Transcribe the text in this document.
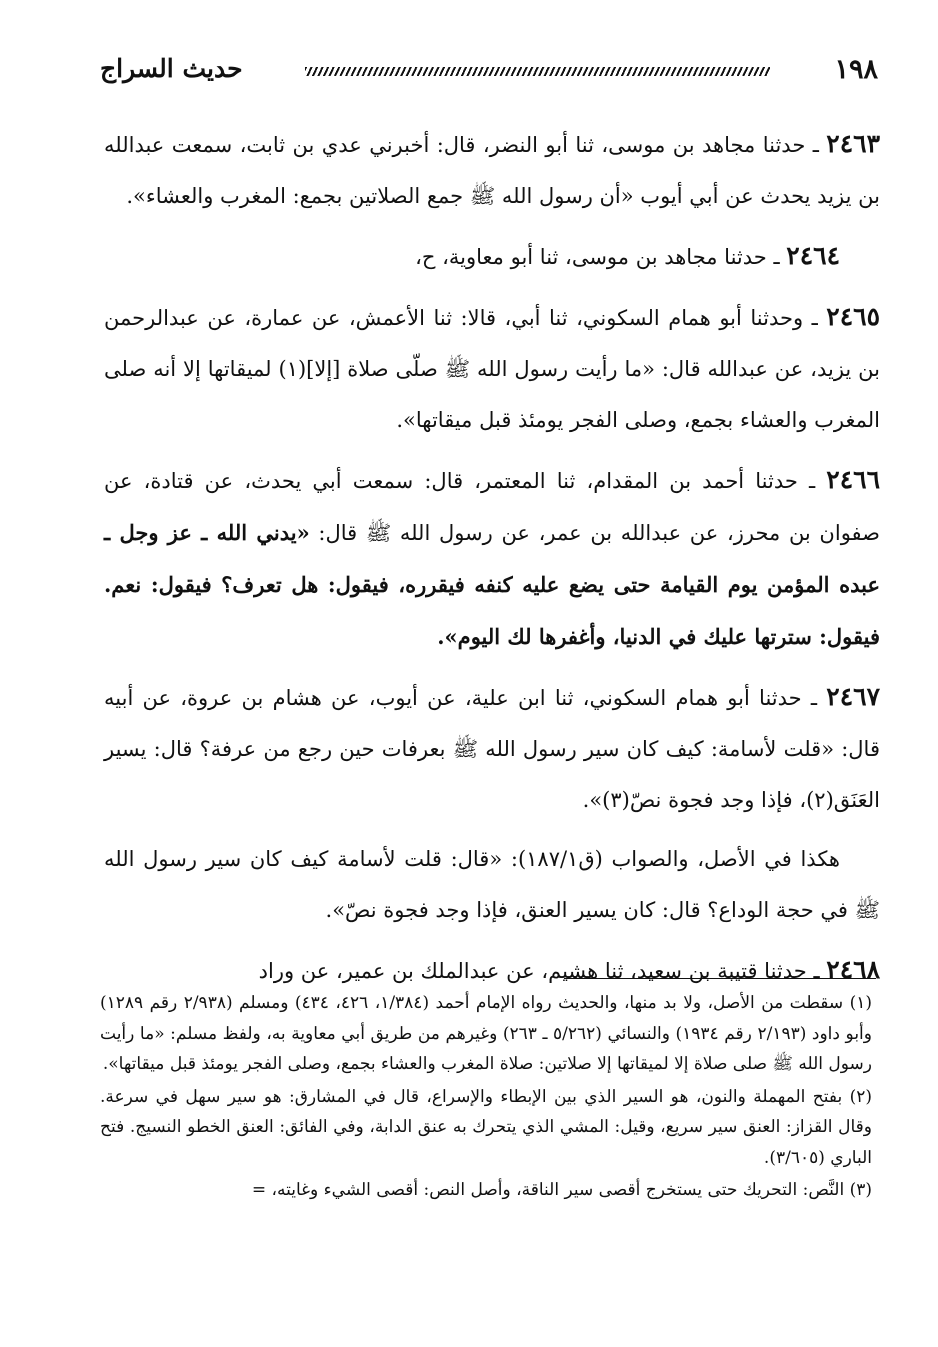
١٩٨
حديث السراج

٢٤٦٣ ـ حدثنا مجاهد بن موسى، ثنا أبو النضر، قال: أخبرني عدي بن ثابت، سمعت عبدالله بن يزيد يحدث عن أبي أيوب «أن رسول الله ﷺ جمع الصلاتين بجمع: المغرب والعشاء».

٢٤٦٤ ـ حدثنا مجاهد بن موسى، ثنا أبو معاوية، ح،

٢٤٦٥ ـ وحدثنا أبو همام السكوني، ثنا أبي، قالا: ثنا الأعمش، عن عمارة، عن عبدالرحمن بن يزيد، عن عبدالله قال: «ما رأيت رسول الله ﷺ صلّى صلاة [إلا](١) لميقاتها إلا أنه صلى المغرب والعشاء بجمع، وصلى الفجر يومئذ قبل ميقاتها».

٢٤٦٦ ـ حدثنا أحمد بن المقدام، ثنا المعتمر، قال: سمعت أبي يحدث، عن قتادة، عن صفوان بن محرز، عن عبدالله بن عمر، عن رسول الله ﷺ قال: «يدني الله ـ عز وجل ـ عبده المؤمن يوم القيامة حتى يضع عليه كنفه فيقرره، فيقول: هل تعرف؟ فيقول: نعم. فيقول: سترتها عليك في الدنيا، وأغفرها لك اليوم».

٢٤٦٧ ـ حدثنا أبو همام السكوني، ثنا ابن علية، عن أيوب، عن هشام بن عروة، عن أبيه قال: «قلت لأسامة: كيف كان سير رسول الله ﷺ بعرفات حين رجع من عرفة؟ قال: يسير العَنَق(٢)، فإذا وجد فجوة نصّ(٣)».

هكذا في الأصل، والصواب (ق١٨٧/١): «قال: قلت لأسامة كيف كان سير رسول الله ﷺ في حجة الوداع؟ قال: كان يسير العنق، فإذا وجد فجوة نصّ».

٢٤٦٨ ـ حدثنا قتيبة بن سعيد، ثنا هشيم، عن عبدالملك بن عمير، عن وراد

(١) سقطت من الأصل، ولا بد منها، والحديث رواه الإمام أحمد (١/٣٨٤، ٤٢٦، ٤٣٤) ومسلم (٢/٩٣٨ رقم ١٢٨٩) وأبو داود (٢/١٩٣ رقم ١٩٣٤) والنسائي (٥/٢٦٢ ـ ٢٦٣) وغيرهم من طريق أبي معاوية به، ولفظ مسلم: «ما رأيت رسول الله ﷺ صلى صلاة إلا لميقاتها إلا صلاتين: صلاة المغرب والعشاء بجمع، وصلى الفجر يومئذ قبل ميقاتها».

(٢) بفتح المهملة والنون، هو السير الذي بين الإبطاء والإسراع، قال في المشارق: هو سير سهل في سرعة. وقال القزاز: العنق سير سريع، وقيل: المشي الذي يتحرك به عنق الدابة، وفي الفائق: العنق الخطو النسيج. فتح الباري (٣/٦٠٥).

(٣) النَّص: التحريك حتى يستخرج أقصى سير الناقة، وأصل النص: أقصى الشيء وغايته، =
